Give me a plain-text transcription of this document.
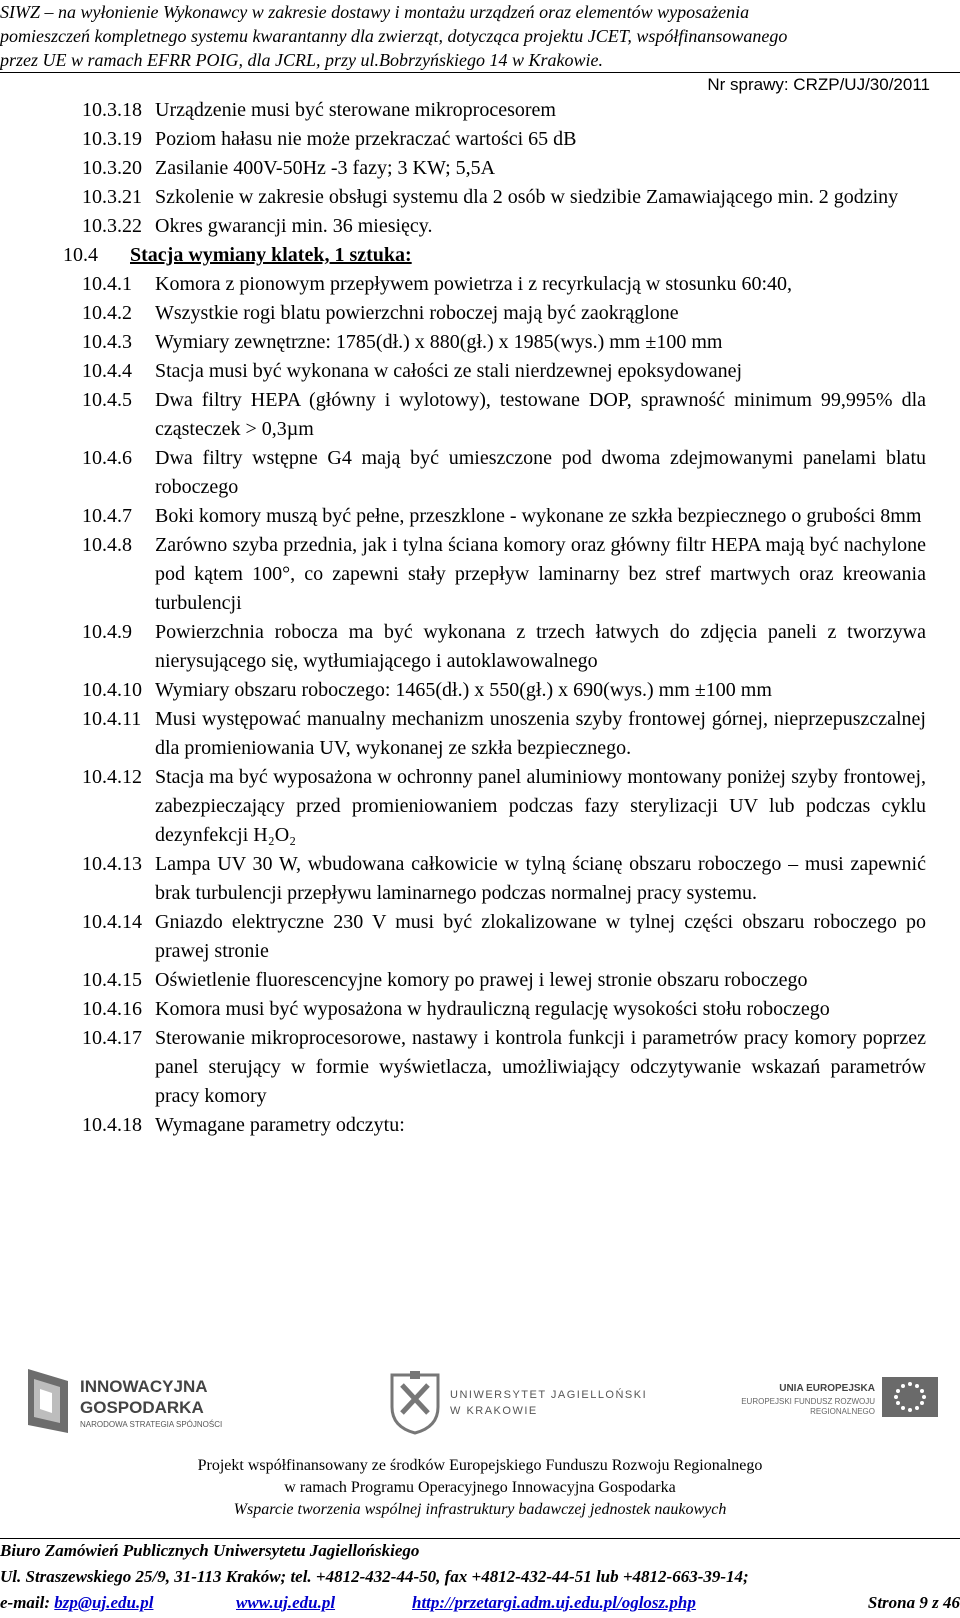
SIWZ – na wyłonienie Wykonawcy w zakresie dostawy i montażu urządzeń oraz elementów wyposażenia
pomieszczeń kompletnego systemu kwarantanny dla zwierząt, dotycząca projektu JCET, współfinansowanego
przez UE w ramach EFRR POIG, dla JCRL, przy ul.Bobrzyńskiego 14 w Krakowie.
Nr sprawy: CRZP/UJ/30/2011
10.3.18 Urządzenie musi być sterowane mikroprocesorem
10.3.19 Poziom hałasu nie może przekraczać wartości 65 dB
10.3.20 Zasilanie 400V-50Hz -3 fazy; 3 KW; 5,5A
10.3.21 Szkolenie w zakresie obsługi systemu dla 2 osób w siedzibie Zamawiającego min. 2 godziny
10.3.22 Okres gwarancji min. 36 miesięcy.
10.4 Stacja wymiany klatek, 1 sztuka:
10.4.1 Komora z pionowym przepływem powietrza i z recyrkulacją w stosunku 60:40,
10.4.2 Wszystkie rogi blatu powierzchni roboczej mają być zaokrąglone
10.4.3 Wymiary zewnętrzne: 1785(dł.) x 880(gł.) x 1985(wys.) mm ±100 mm
10.4.4 Stacja musi być wykonana w całości ze stali nierdzewnej epoksydowanej
10.4.5 Dwa filtry HEPA (główny i wylotowy), testowane DOP, sprawność minimum 99,995% dla cząsteczek > 0,3µm
10.4.6 Dwa filtry wstępne G4 mają być umieszczone pod dwoma zdejmowanymi panelami blatu roboczego
10.4.7 Boki komory muszą być pełne, przeszklone - wykonane ze szkła bezpiecznego o grubości 8mm
10.4.8 Zarówno szyba przednia, jak i tylna ściana komory oraz główny filtr HEPA mają być nachylone pod kątem 100°, co zapewni stały przepływ laminarny bez stref martwych oraz kreowania turbulencji
10.4.9 Powierzchnia robocza ma być wykonana z trzech łatwych do zdjęcia paneli z tworzywa nierysującego się, wytłumiającego i autoklawowalnego
10.4.10 Wymiary obszaru roboczego: 1465(dł.) x 550(gł.) x 690(wys.) mm ±100 mm
10.4.11 Musi występować manualny mechanizm unoszenia szyby frontowej górnej, nieprzepuszczalnej dla promieniowania UV, wykonanej ze szkła bezpiecznego.
10.4.12 Stacja ma być wyposażona w ochronny panel aluminiowy montowany poniżej szyby frontowej, zabezpieczający przed promieniowaniem podczas fazy sterylizacji UV lub podczas cyklu dezynfekcji H₂O₂
10.4.13 Lampa UV 30 W, wbudowana całkowicie w tylną ścianę obszaru roboczego – musi zapewnić brak turbulencji przepływu laminarnego podczas normalnej pracy systemu.
10.4.14 Gniazdo elektryczne 230 V musi być zlokalizowane w tylnej części obszaru roboczego po prawej stronie
10.4.15 Oświetlenie fluorescencyjne komory po prawej i lewej stronie obszaru roboczego
10.4.16 Komora musi być wyposażona w hydrauliczną regulację wysokości stołu roboczego
10.4.17 Sterowanie mikroprocesorowe, nastawy i kontrola funkcji i parametrów pracy komory poprzez panel sterujący w formie wyświetlacza, umożliwiający odczytywanie wskazań parametrów pracy komory
10.4.18 Wymagane parametry odczytu:
INNOWACYJNA
GOSPODARKA
NARODOWA STRATEGIA SPÓJNOŚCI
UNIWERSYTET JAGIELLOŃSKI
W KRAKOWIE
UNIA EUROPEJSKA
EUROPEJSKI FUNDUSZ ROZWOJU REGIONALNEGO
Projekt współfinansowany ze środków Europejskiego Funduszu Rozwoju Regionalnego
w ramach Programu Operacyjnego Innowacyjna Gospodarka
Wsparcie tworzenia wspólnej infrastruktury badawczej jednostek naukowych
Biuro Zamówień Publicznych Uniwersytetu Jagiellońskiego
Ul. Straszewskiego 25/9, 31-113 Kraków; tel. +4812-432-44-50, fax +4812-432-44-51 lub +4812-663-39-14;
e-mail: bzp@uj.edu.pl	www.uj.edu.pl	http://przetargi.adm.uj.edu.pl/oglosz.php	Strona 9 z 46
